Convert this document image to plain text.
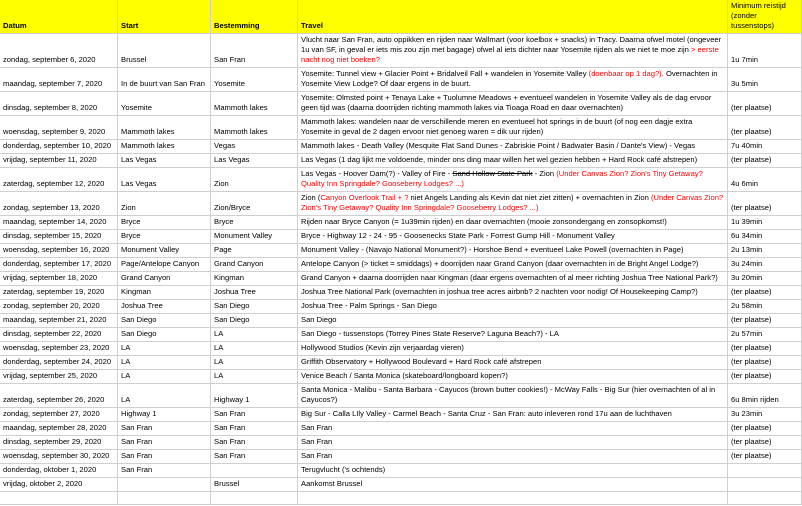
Datum	Start	Bestemming	Travel	Minimum reistijd (zonder tussenstops)
zondag, september 6, 2020	Brussel	San Fran	Vlucht naar San Fran, auto oppikken en rijden naar Wallmart (voor koelbox + snacks) in Tracy. Daarna ofwel motel (ongeveer 1u van SF, in geval er iets mis zou zijn met bagage) ofwel al iets dichter naar Yosemite rijden als we niet te moe zijn > eerste nacht nog niet boeken?	1u 7min
maandag, september 7, 2020	In de buurt van San Fran	Yosemite	Yosemite: Tunnel view + Glacier Point + Bridalveil Fall + wandelen in Yosemite Valley (doenbaar op 1 dag?). Overnachten in Yosemite View Lodge? Of daar ergens in de buurt.	3u 5min
dinsdag, september 8, 2020	Yosemite	Mammoth lakes	Yosemite: Olmsted point + Tenaya Lake + Tuolumne Meadows + eventueel wandelen in Yosemite Valley als de dag ervoor geen tijd was (daarna doorrijden richting mammoth lakes via Tioaga Road en daar overnachten)	(ter plaatse)
woensdag, september 9, 2020	Mammoth lakes	Mammoth lakes	Mammoth lakes: wandelen naar de verschillende meren en eventueel hot springs in de buurt (of nog een dagje extra Yosemite in geval de 2 dagen ervoor niet genoeg waren = dik uur rijden)	(ter plaatse)
donderdag, september 10, 2020	Mammoth lakes	Vegas	Mammoth lakes - Death Valley (Mesquite Flat Sand Dunes - Zabriskie Point / Badwater Basin / Dante's View) - Vegas	7u 40min
vrijdag, september 11, 2020	Las Vegas	Las Vegas	Las Vegas (1 dag lijkt me voldoende, minder ons ding maar willen het wel gezien hebben + Hard Rock café afstrepen)	(ter plaatse)
zaterdag, september 12, 2020	Las Vegas	Zion	Las Vegas - Hoover Dam(?) - Valley of Fire - Sand Hollow State Park - Zion (Under Canvas Zion? Zion's Tiny Getaway? Quality Inn Springdale? Gooseberry Lodges? ...)	4u 6min
zondag, september 13, 2020	Zion	Zion/Bryce	Zion (Canyon Overlook Trail + ? niet Angels Landing als Kevin dat niet ziet zitten) + overnachten in Zion (Under Canvas Zion? Zion's Tiny Getaway? Quality Inn Springdale? Gooseberry Lodges? ...)	(ter plaatse)
maandag, september 14, 2020	Bryce	Bryce	Rijden naar Bryce Canyon (= 1u39min rijden) en daar overnachten (mooie zonsondergang en zonsopkomst!)	1u 39min
dinsdag, september 15, 2020	Bryce	Monument Valley	Bryce - Highway 12 - 24 - 95 - Goosenecks State Park - Forrest Gump Hill - Monument Valley	6u 34min
woensdag, september 16, 2020	Monument Valley	Page	Monument Valley - (Navajo National Monument?) - Horshoe Bend + eventueel Lake Powell (overnachten in Page)	2u 13min
donderdag, september 17, 2020	Page/Antelope Canyon	Grand Canyon	Antelope Canyon (> ticket = smiddags) + doorrijden naar Grand Canyon (daar overnachten in de Bright Angel Lodge?)	3u 24min
vrijdag, september 18, 2020	Grand Canyon	Kingman	Grand Canyon + daarna doorrijden naar Kingman (daar ergens overnachten of al meer richting Joshua Tree National Park?)	3u 20min
zaterdag, september 19, 2020	Kingman	Joshua Tree	Joshua Tree National Park (overnachten in joshua tree acres airbnb? 2 nachten voor nodig! Of Housekeeping Camp?)	(ter plaatse)
zondag, september 20, 2020	Joshua Tree	San Diego	Joshua Tree - Palm Springs - San Diego	2u 58min
maandag, september 21, 2020	San Diego	San Diego	San Diego	(ter plaatse)
dinsdag, september 22, 2020	San Diego	LA	San Diego - tussenstops (Torrey Pines State Reserve? Laguna Beach?) - LA	2u 57min
woensdag, september 23, 2020	LA	LA	Hollywood Studios (Kevin zijn verjaardag vieren)	(ter plaatse)
donderdag, september 24, 2020	LA	LA	Griffith Observatory + Hollywood Boulevard + Hard Rock café afstrepen	(ter plaatse)
vrijdag, september 25, 2020	LA	LA	Venice Beach / Santa Monica (skateboard/longboard kopen?)	(ter plaatse)
zaterdag, september 26, 2020	LA	Highway 1	Santa Monica - Malibu - Santa Barbara - Cayucos (brown butter cookies!) - McWay Falls - Big Sur (hier overnachten of al in Cayucos?)	6u 8min rijden
zondag, september 27, 2020	Highway 1	San Fran	Big Sur - Calla LIly Valley - Carmel Beach - Santa Cruz - San Fran: auto inleveren rond 17u aan de luchthaven	3u 23min
maandag, september 28, 2020	San Fran	San Fran	San Fran	(ter plaatse)
dinsdag, september 29, 2020	San Fran	San Fran	San Fran	(ter plaatse)
woensdag, september 30, 2020	San Fran	San Fran	San Fran	(ter plaatse)
donderdag, oktober 1, 2020	San Fran		Terugvlucht ('s ochtends)	
vrijdag, oktober 2, 2020		Brussel	Aankomst Brussel	
